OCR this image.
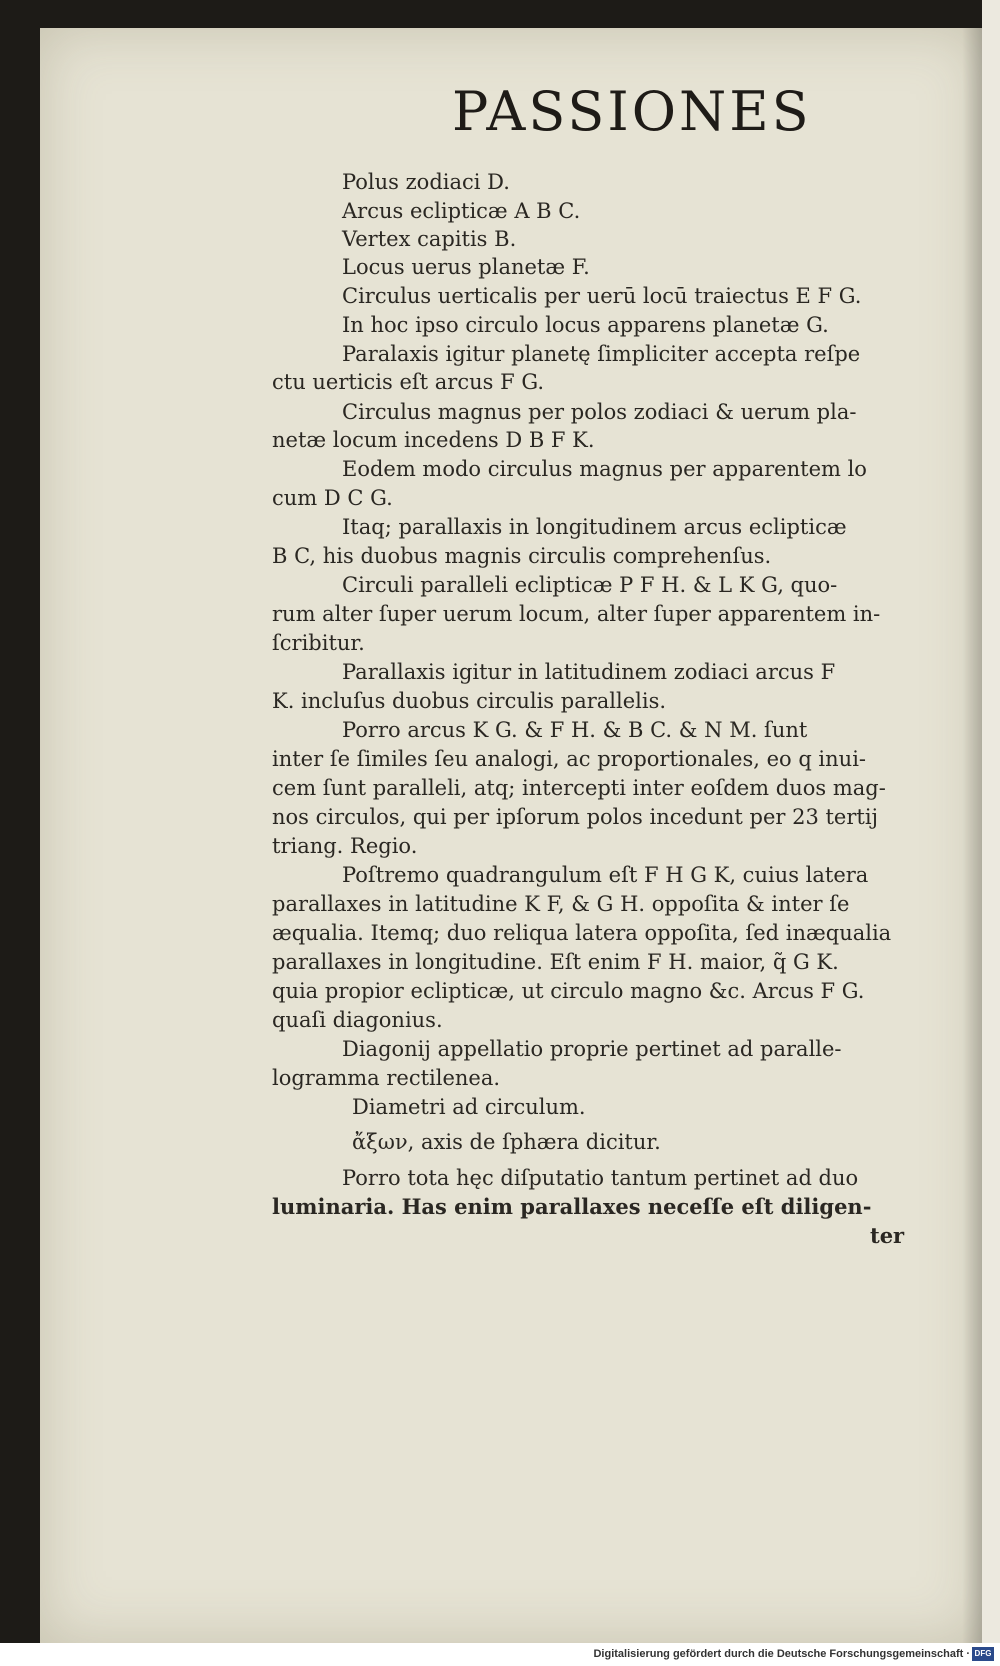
PASSIONES
Polus zodiaci D.
Arcus eclipticæ A B C.
Vertex capitis B.
Locus uerus planetæ F.
Circulus uerticalis per uerū locū traiectus E F G.
In hoc ipso circulo locus apparens planetæ G.
Paralaxis igitur planetę ſimpliciter accepta reſpe
ctu uerticis eſt arcus F G.
Circulus magnus per polos zodiaci & uerum pla-
netæ locum incedens D B F K.
Eodem modo circulus magnus per apparentem lo
cum D C G.
Itaq; parallaxis in longitudinem arcus eclipticæ
B C, his duobus magnis circulis comprehenſus.
Circuli paralleli eclipticæ P F H. & L K G, quo-
rum alter ſuper uerum locum, alter ſuper apparentem in-
ſcribitur.
Parallaxis igitur in latitudinem zodiaci arcus F
K. incluſus duobus circulis parallelis.
Porro arcus K G. & F H. & B C. & N M. ſunt
inter ſe ſimiles ſeu analogi, ac proportionales, eo q inui-
cem ſunt paralleli, atq; intercepti inter eoſdem duos mag-
nos circulos, qui per ipſorum polos incedunt per 23 tertij
triang. Regio.
Poſtremo quadrangulum eſt F H G K, cuius latera
parallaxes in latitudine K F, & G H. oppoſita & inter ſe
æqualia. Itemq; duo reliqua latera oppoſita, ſed inæqualia
parallaxes in longitudine. Eſt enim F H. maior, q̃ G K.
quia propior eclipticæ, ut circulo magno &c. Arcus F G.
quaſi diagonius.
Diagonij appellatio proprie pertinet ad paralle-
logramma rectilenea.
Diametri ad circulum.
ἄξων, axis de ſphæra dicitur.
Porro tota hęc diſputatio tantum pertinet ad duo
luminaria. Has enim parallaxes neceſſe eſt diligen-
ter
Digitalisierung gefördert durch die Deutsche Forschungsgemeinschaft · DFG
